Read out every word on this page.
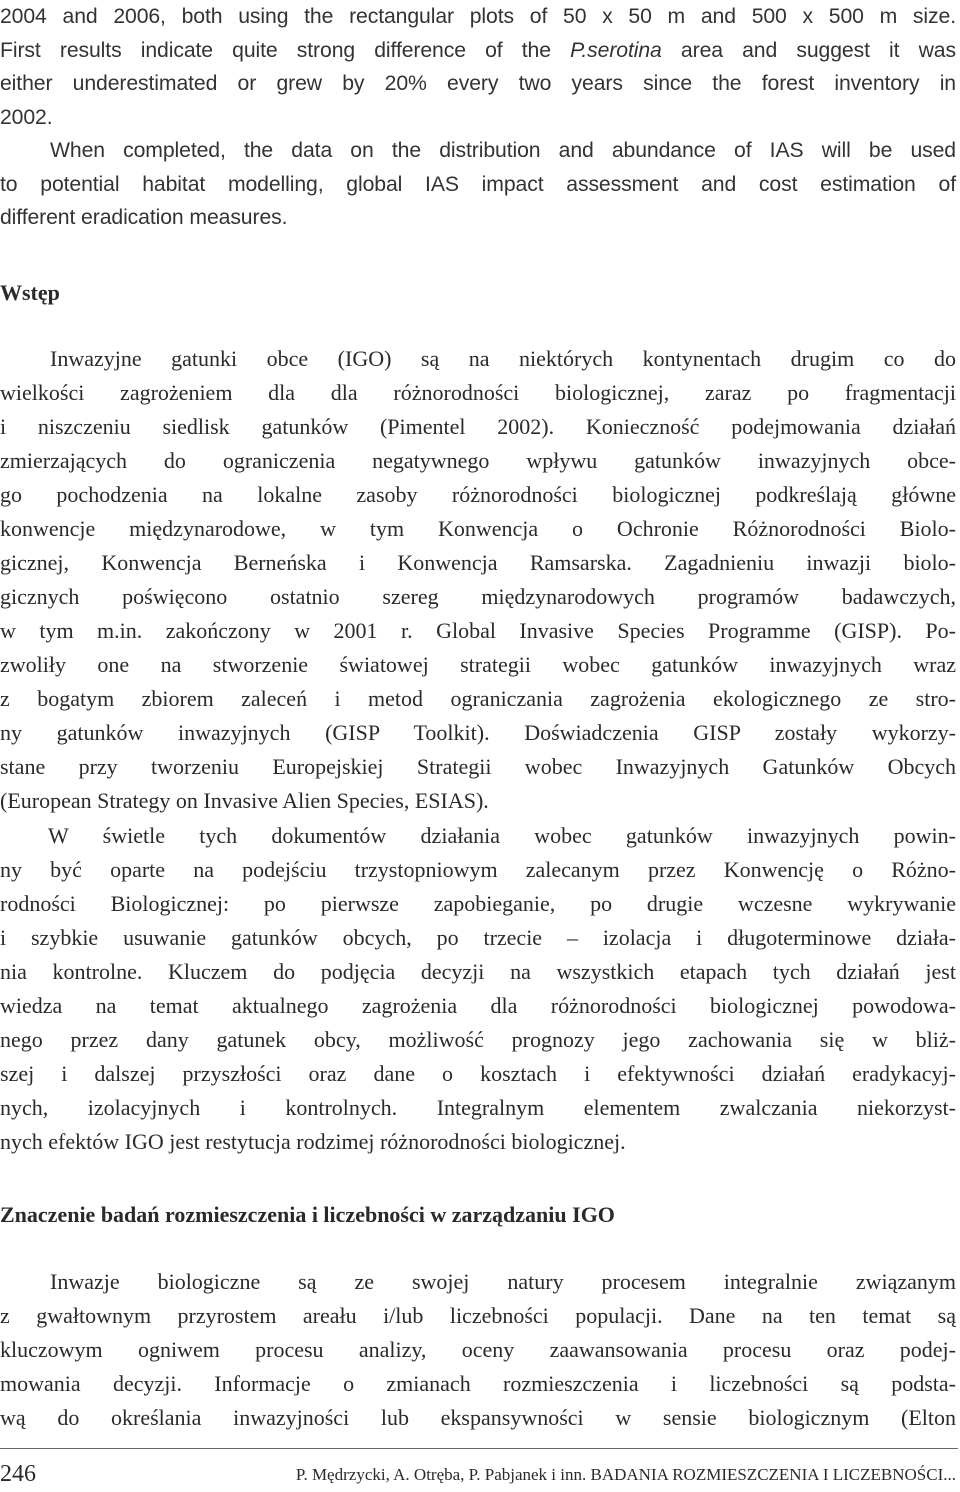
2004 and 2006, both using the rectangular plots of 50 x 50 m and 500 x 500 m size.
First results indicate quite strong difference of the P.serotina area and suggest it was
either underestimated or grew by 20% every two years since the forest inventory in
2002.
When completed, the data on the distribution and abundance of IAS will be used
to potential habitat modelling, global IAS impact assessment and cost estimation of
different eradication measures.
Wstęp
Inwazyjne gatunki obce (IGO) są na niektórych kontynentach drugim co do
wielkości zagrożeniem dla dla różnorodności biologicznej, zaraz po fragmentacji
i niszczeniu siedlisk gatunków (Pimentel 2002). Konieczność podejmowania działań
zmierzających do ograniczenia negatywnego wpływu gatunków inwazyjnych obce-
go pochodzenia na lokalne zasoby różnorodności biologicznej podkreślają główne
konwencje międzynarodowe, w tym Konwencja o Ochronie Różnorodności Biolo-
gicznej, Konwencja Berneńska i Konwencja Ramsarska. Zagadnieniu inwazji biolo-
gicznych poświęcono ostatnio szereg międzynarodowych programów badawczych,
w tym m.in. zakończony w 2001 r. Global Invasive Species Programme (GISP). Po-
zwoliły one na stworzenie światowej strategii wobec gatunków inwazyjnych wraz
z bogatym zbiorem zaleceń i metod ograniczania zagrożenia ekologicznego ze stro-
ny gatunków inwazyjnych (GISP Toolkit). Doświadczenia GISP zostały wykorzy-
stane przy tworzeniu Europejskiej Strategii wobec Inwazyjnych Gatunków Obcych
(European Strategy on Invasive Alien Species, ESIAS).
W świetle tych dokumentów działania wobec gatunków inwazyjnych powin-
ny być oparte na podejściu trzystopniowym zalecanym przez Konwencję o Różno-
rodności Biologicznej: po pierwsze zapobieganie, po drugie wczesne wykrywanie
i szybkie usuwanie gatunków obcych, po trzecie – izolacja i długoterminowe działa-
nia kontrolne. Kluczem do podjęcia decyzji na wszystkich etapach tych działań jest
wiedza na temat aktualnego zagrożenia dla różnorodności biologicznej powodowa-
nego przez dany gatunek obcy, możliwość prognozy jego zachowania się w bliż-
szej i dalszej przyszłości oraz dane o kosztach i efektywności działań eradykacyj-
nych, izolacyjnych i kontrolnych. Integralnym elementem zwalczania niekorzyst-
nych efektów IGO jest restytucja rodzimej różnorodności biologicznej.
Znaczenie badań rozmieszczenia i liczebności w zarządzaniu IGO
Inwazje biologiczne są ze swojej natury procesem integralnie związanym
z gwałtownym przyrostem areału i/lub liczebności populacji. Dane na ten temat są
kluczowym ogniwem procesu analizy, oceny zaawansowania procesu oraz podej-
mowania decyzji. Informacje o zmianach rozmieszczenia i liczebności są podsta-
wą do określania inwazyjności lub ekspansywności w sensie biologicznym (Elton
246	P. Mędrzycki, A. Otręba, P. Pabjanek i inn. BADANIA ROZMIESZCZENIA I LICZEBNOŚCI...
